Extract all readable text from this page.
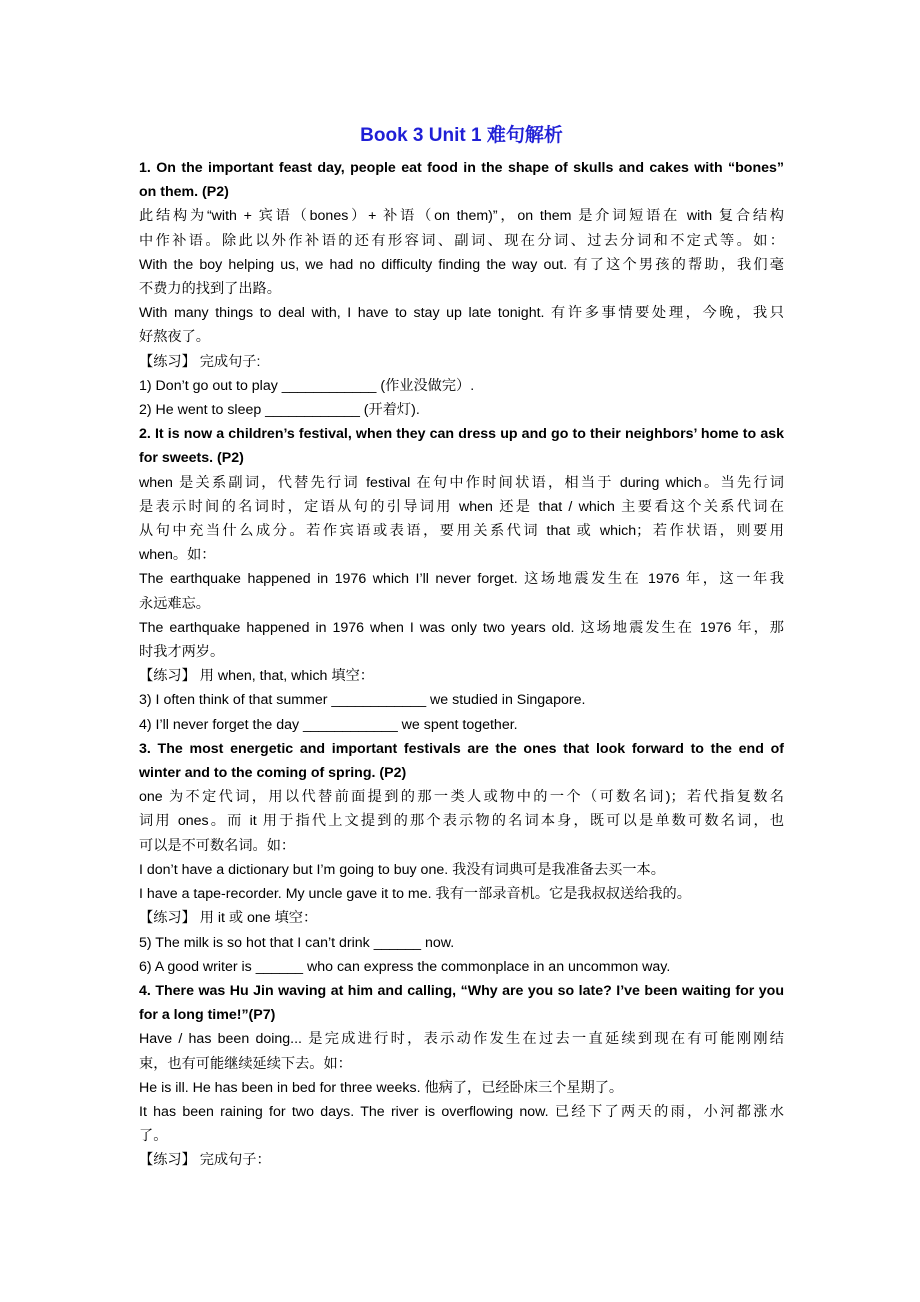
Book 3 Unit 1 难句解析
1. On the important feast day, people eat food in the shape of skulls and cakes with “bones”
on them. (P2)
此结构为“with + 宾语（bones）+ 补语（on them)”，on them 是介词短语在 with 复合结构
中作补语。除此以外作补语的还有形容词、副词、现在分词、过去分词和不定式等。如：
With the boy helping us, we had no difficulty finding the way out. 有了这个男孩的帮助，我们毫
不费力的找到了出路。
With many things to deal with, I have to stay up late tonight. 有许多事情要处理，今晚，我只
好熬夜了。
【练习】 完成句子:
1) Don’t go out to play ____________ (作业没做完）.
2) He went to sleep ____________ (开着灯).
2. It is now a children’s festival, when they can dress up and go to their neighbors’ home to ask
for sweets. (P2)
when 是关系副词，代替先行词 festival 在句中作时间状语，相当于 during which。当先行词
是表示时间的名词时，定语从句的引导词用 when 还是 that / which 主要看这个关系代词在
从句中充当什么成分。若作宾语或表语，要用关系代词 that 或 which；若作状语，则要用
when。如：
The earthquake happened in 1976 which I’ll never forget. 这场地震发生在 1976 年，这一年我
永远难忘。
The earthquake happened in 1976 when I was only two years old. 这场地震发生在 1976 年，那
时我才两岁。
【练习】 用 when, that, which 填空：
3) I often think of that summer ____________ we studied in Singapore.
4) I’ll never forget the day ____________ we spent together.
3. The most energetic and important festivals are the ones that look forward to the end of
winter and to the coming of spring. (P2)
one 为不定代词，用以代替前面提到的那一类人或物中的一个（可数名词)；若代指复数名
词用 ones。而 it 用于指代上文提到的那个表示物的名词本身，既可以是单数可数名词，也
可以是不可数名词。如：
I don’t have a dictionary but I’m going to buy one. 我没有词典可是我准备去买一本。
I have a tape-recorder. My uncle gave it to me. 我有一部录音机。它是我叔叔送给我的。
【练习】 用 it 或 one 填空：
5) The milk is so hot that I can’t drink ______ now.
6) A good writer is ______ who can express the commonplace in an uncommon way.
4. There was Hu Jin waving at him and calling, “Why are you so late? I’ve been waiting for you
for a long time!”(P7)
Have / has been doing... 是完成进行时，表示动作发生在过去一直延续到现在有可能刚刚结
束，也有可能继续延续下去。如：
He is ill. He has been in bed for three weeks. 他病了，已经卧床三个星期了。
It has been raining for two days. The river is overflowing now. 已经下了两天的雨，小河都涨水
了。
【练习】 完成句子：
